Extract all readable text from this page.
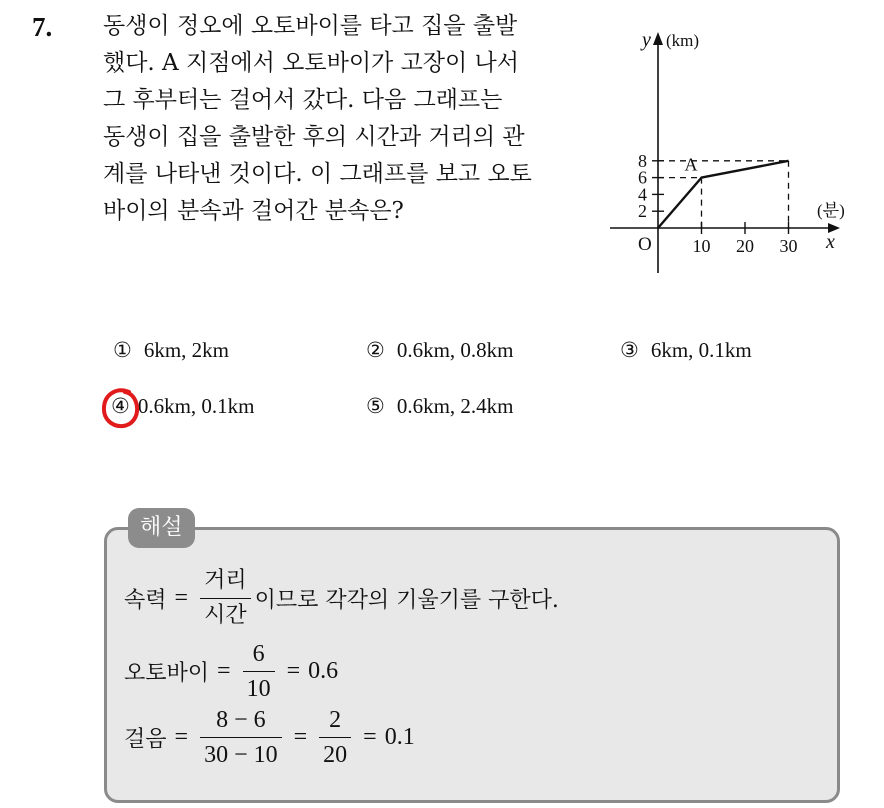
7. 동생이 정오에 오토바이를 타고 집을 출발
했다. A 지점에서 오토바이가 고장이 나서
그 후부터는 걸어서 갔다. 다음 그래프는
동생이 집을 출발한 후의 시간과 거리의 관
계를 나타낸 것이다. 이 그래프를 보고 오토
바이의 분속과 걸어간 분속은?
y (km)
x
(분)
O
2
4
6
8
10 20 30
A
① 6km, 2km	② 0.6km, 0.8km	③ 6km, 0.1km
④ 0.6km, 0.1km	⑤ 0.6km, 2.4km
해설
속력 = $\frac{\text{거리}}{\text{시간}}$ 이므로 각각의 기울기를 구한다.
오토바이 = $\frac{6}{10} = 0.6$
걸음 = $\frac{8 - 6}{30 - 10} = \frac{2}{20} = 0.1$
